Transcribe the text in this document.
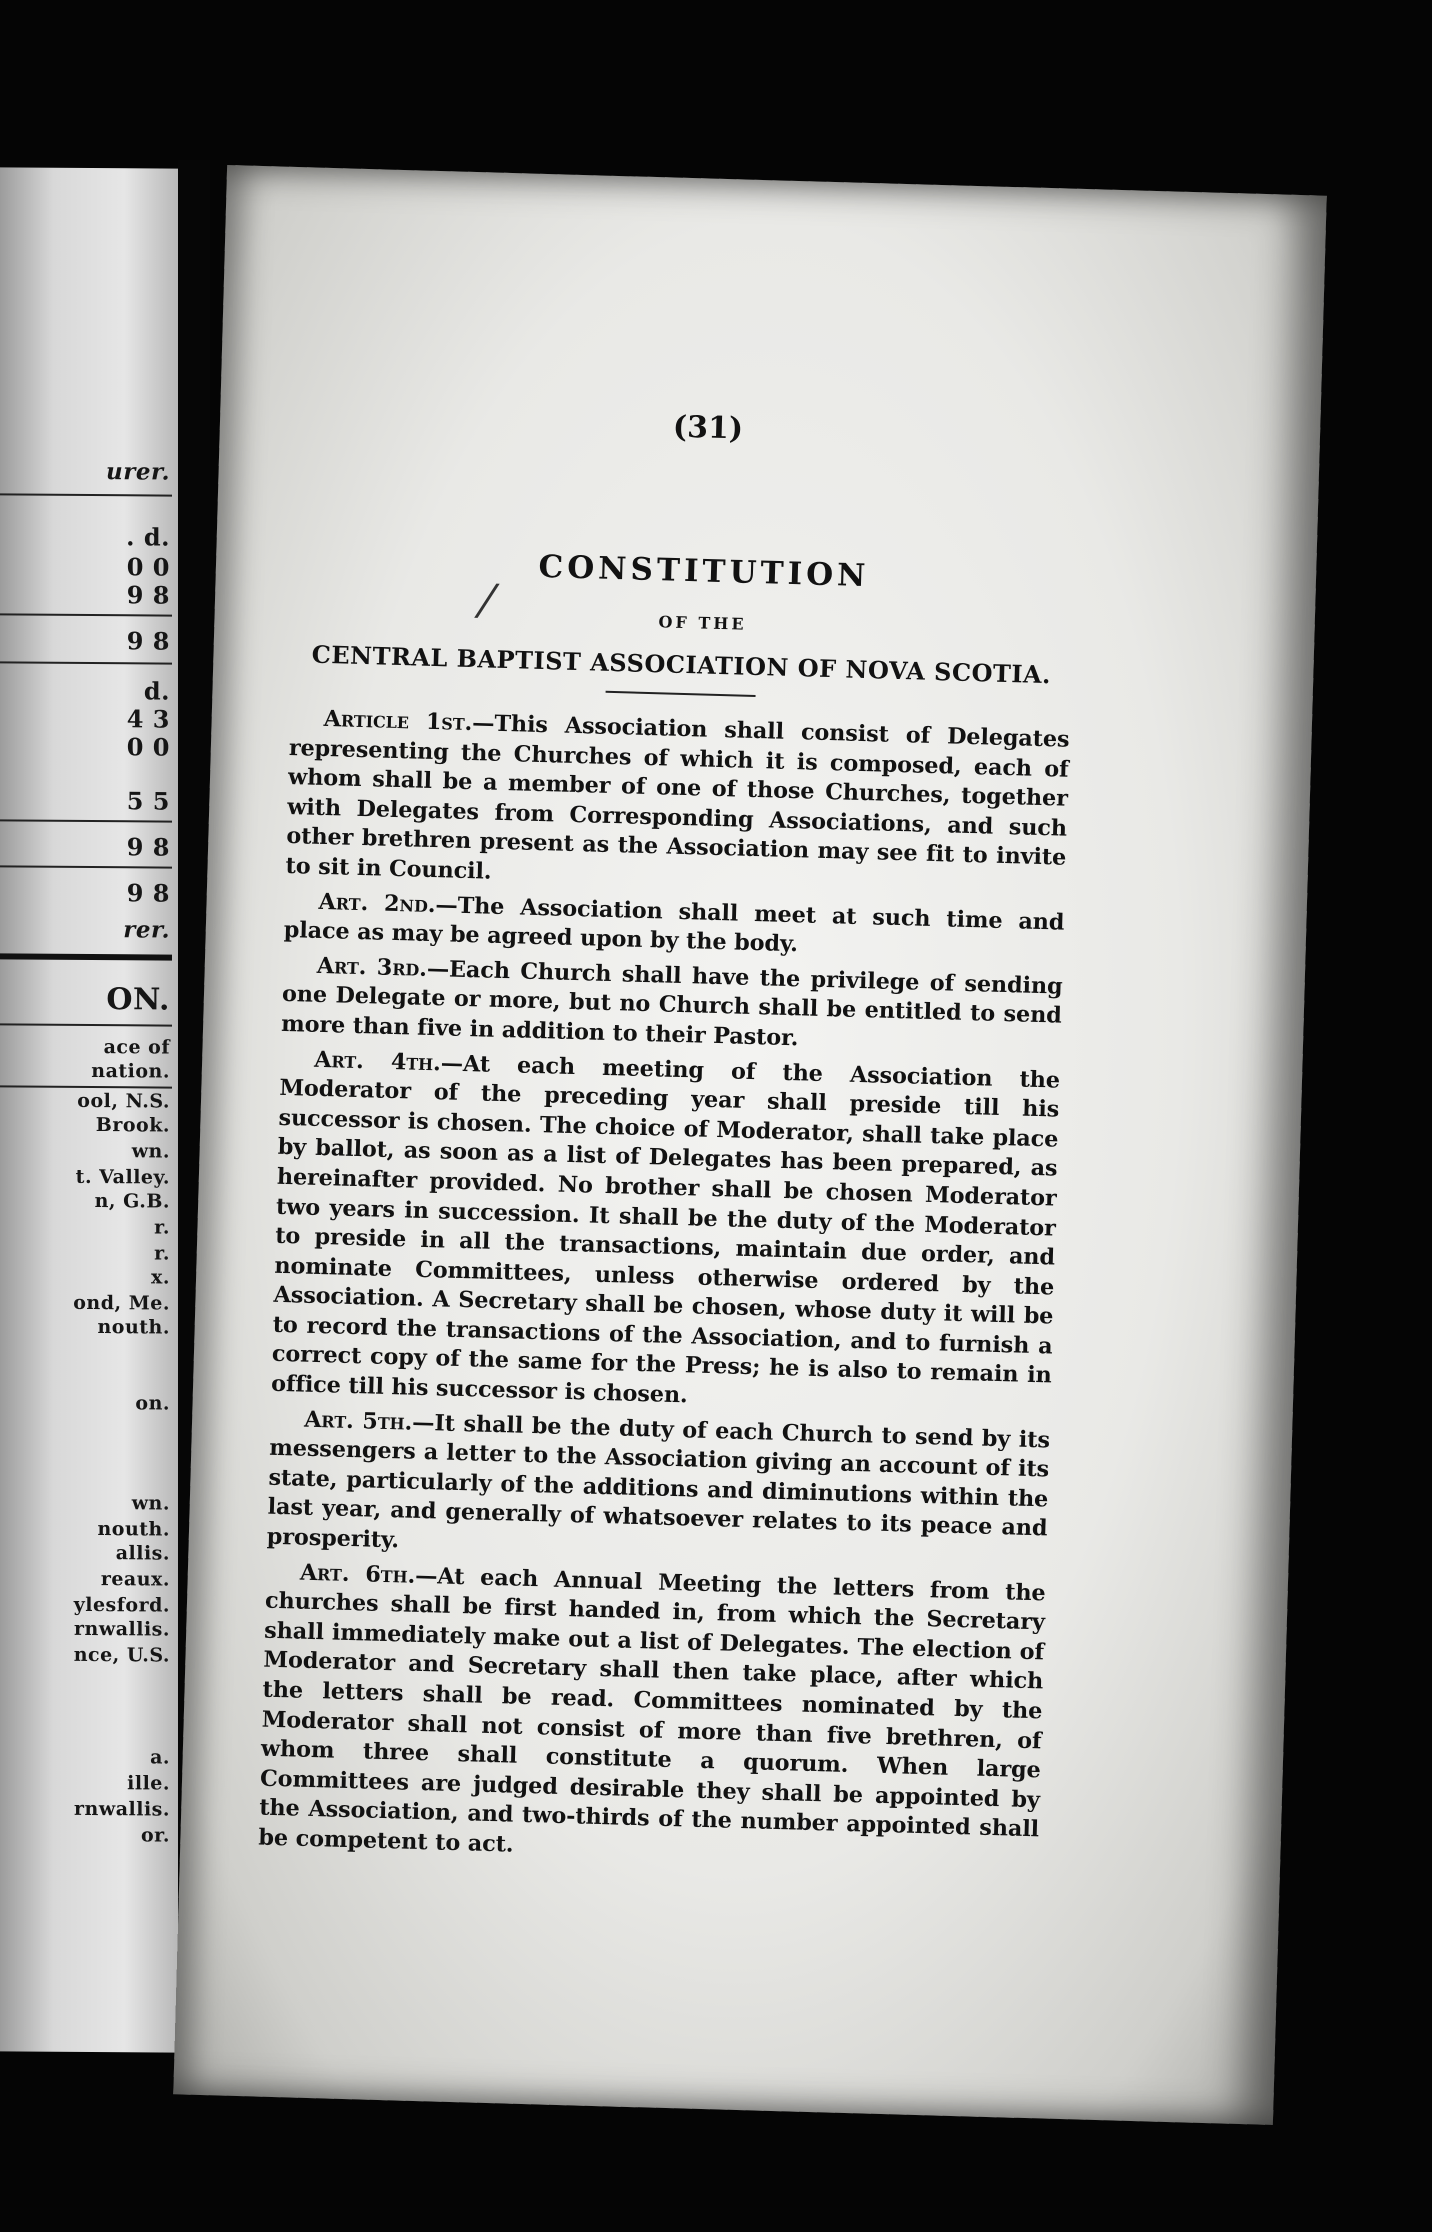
urer.
. d.
0 0
9 8
9 8
d.
4 3
0 0
5 5
9 8
9 8
rer.
ON.
ace of
nation.
ool, N.S.
Brook.
wn.
t. Valley.
n, G.B.
r.
r.
x.
ond, Me.
nouth.
on.
wn.
nouth.
allis.
reaux.
ylesford.
rnwallis.
nce, U.S.
a.
ille.
rnwallis.
or.
⁄
(31)
CONSTITUTION
OF THE
CENTRAL BAPTIST ASSOCIATION OF NOVA SCOTIA.

Article 1st.—This Association shall consist of Delegates representing the Churches of which it is composed, each of whom shall be a member of one of those Churches, together with Delegates from Corresponding Associations, and such other brethren present as the Association may see fit to invite to sit in Council.

Art. 2nd.—The Association shall meet at such time and place as may be agreed upon by the body.

Art. 3rd.—Each Church shall have the privilege of sending one Delegate or more, but no Church shall be entitled to send more than five in addition to their Pastor.

Art. 4th.—At each meeting of the Association the Moderator of the preceding year shall preside till his successor is chosen. The choice of Moderator, shall take place by ballot, as soon as a list of Delegates has been prepared, as hereinafter provided. No brother shall be chosen Moderator two years in succession. It shall be the duty of the Moderator to preside in all the transactions, maintain due order, and nominate Committees, unless otherwise ordered by the Association. A Secretary shall be chosen, whose duty it will be to record the transactions of the Association, and to furnish a correct copy of the same for the Press; he is also to remain in office till his successor is chosen.

Art. 5th.—It shall be the duty of each Church to send by its messengers a letter to the Association giving an account of its state, particularly of the additions and diminutions within the last year, and generally of whatsoever relates to its peace and prosperity.

Art. 6th.—At each Annual Meeting the letters from the churches shall be first handed in, from which the Secretary shall immediately make out a list of Delegates. The election of Moderator and Secretary shall then take place, after which the letters shall be read. Committees nominated by the Moderator shall not consist of more than five brethren, of whom three shall constitute a quorum. When large Committees are judged desirable they shall be appointed by the Association, and two-thirds of the number appointed shall be competent to act.
